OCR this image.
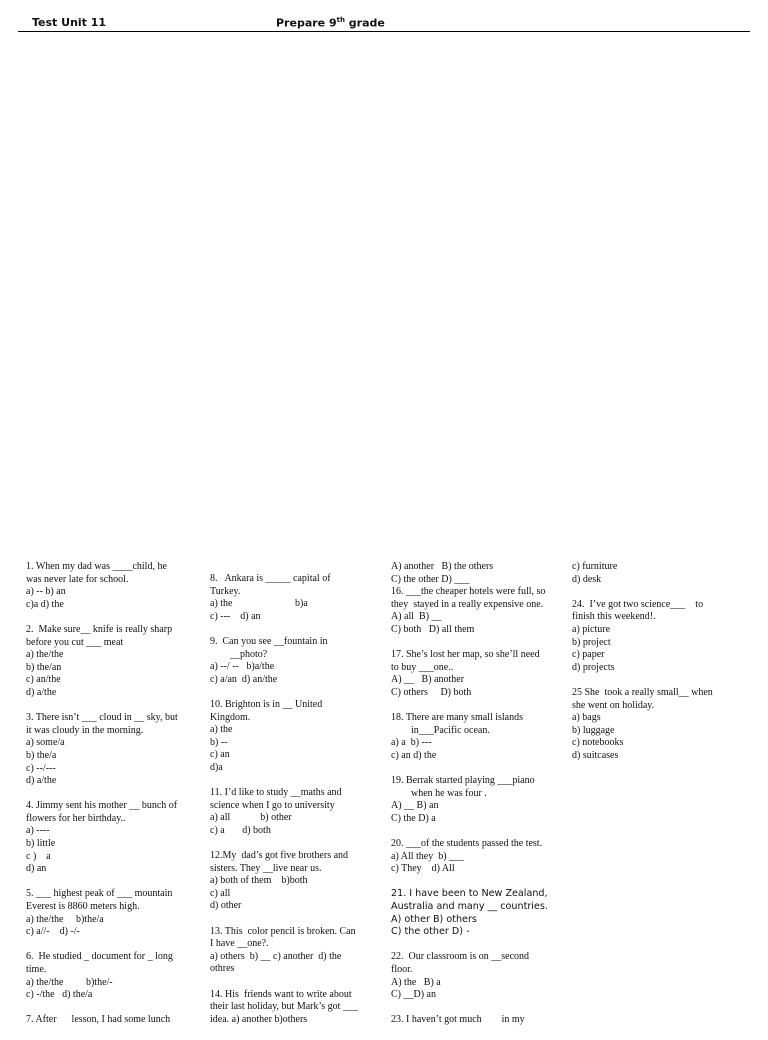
Test Unit 11	Prepare 9th grade
1. When my dad was ____child, he
was never late for school.
a) -- b) an
c)a d) the
2.  Make sure__ knife is really sharp
before you cut ___ meat
a) the/the
b) the/an
c) an/the
d) a/the
3. There isn’t ___ cloud in __ sky, but
it was cloudy in the morning.
a) some/a
b) the/a
c) --/---
d) a/the
4. Jimmy sent his mother __ bunch of
flowers for her birthday..
a) ----
b) little
c )    a
d) an
5. ___ highest peak of ___ mountain
Everest is 8860 meters high.
a) the/the     b)the/a
c) a//-    d) -/-
6.  He studied _ document for _ long
time.
a) the/the         b)the/-
c) -/the   d) the/a
7. After      lesson, I had some lunch
8.   Ankara is _____ capital of
Turkey.
a) the                         b)a
c) ---    d) an
9.  Can you see __fountain in
__photo?
a) --/ --   b)a/the
c) a/an  d) an/the
10. Brighton is in __ United
Kingdom.
a) the
b) --
c) an
d)a
11. I’d like to study __maths and
science when I go to university
a) all            b) other
c) a       d) both
12.My  dad’s got five brothers and
sisters. They __live near us.
a) both of them    b)both
c) all
d) other
13. This  color pencil is broken. Can
I have __one?.
a) others  b) __ c) another  d) the
othres
14. His  friends want to write about
their last holiday, but Mark’s got ___
idea. a) another b)others
A) another   B) the others
C) the other D) ___
16. ___the cheaper hotels were full, so
they  stayed in a really expensive one.
A) all  B) __
C) both   D) all them
17. She’s lost her map, so she’ll need
to buy ___one..
A) __   B) another
C) others     D) both
18. There are many small islands
in___Pacific ocean.
a) a  b) ---
c) an d) the
19. Berrak started playing ___piano
when he was four .
A) __ B) an
C) the D) a
20. ___of the students passed the test.
a) All they  b) ___
c) They    d) All
21. I have been to New Zealand,
Australia and many __ countries.
A) other B) others
C) the other D) -
22.  Our classroom is on __second
floor.
A) the   B) a
C) __D) an
23. I haven’t got much        in my
c) furniture
d) desk
24.  I’ve got two science___    to
finish this weekend!.
a) picture
b) project
c) paper
d) projects
25 She  took a really small__ when
she went on holiday.
a) bags
b) luggage
c) notebooks
d) suitcases
